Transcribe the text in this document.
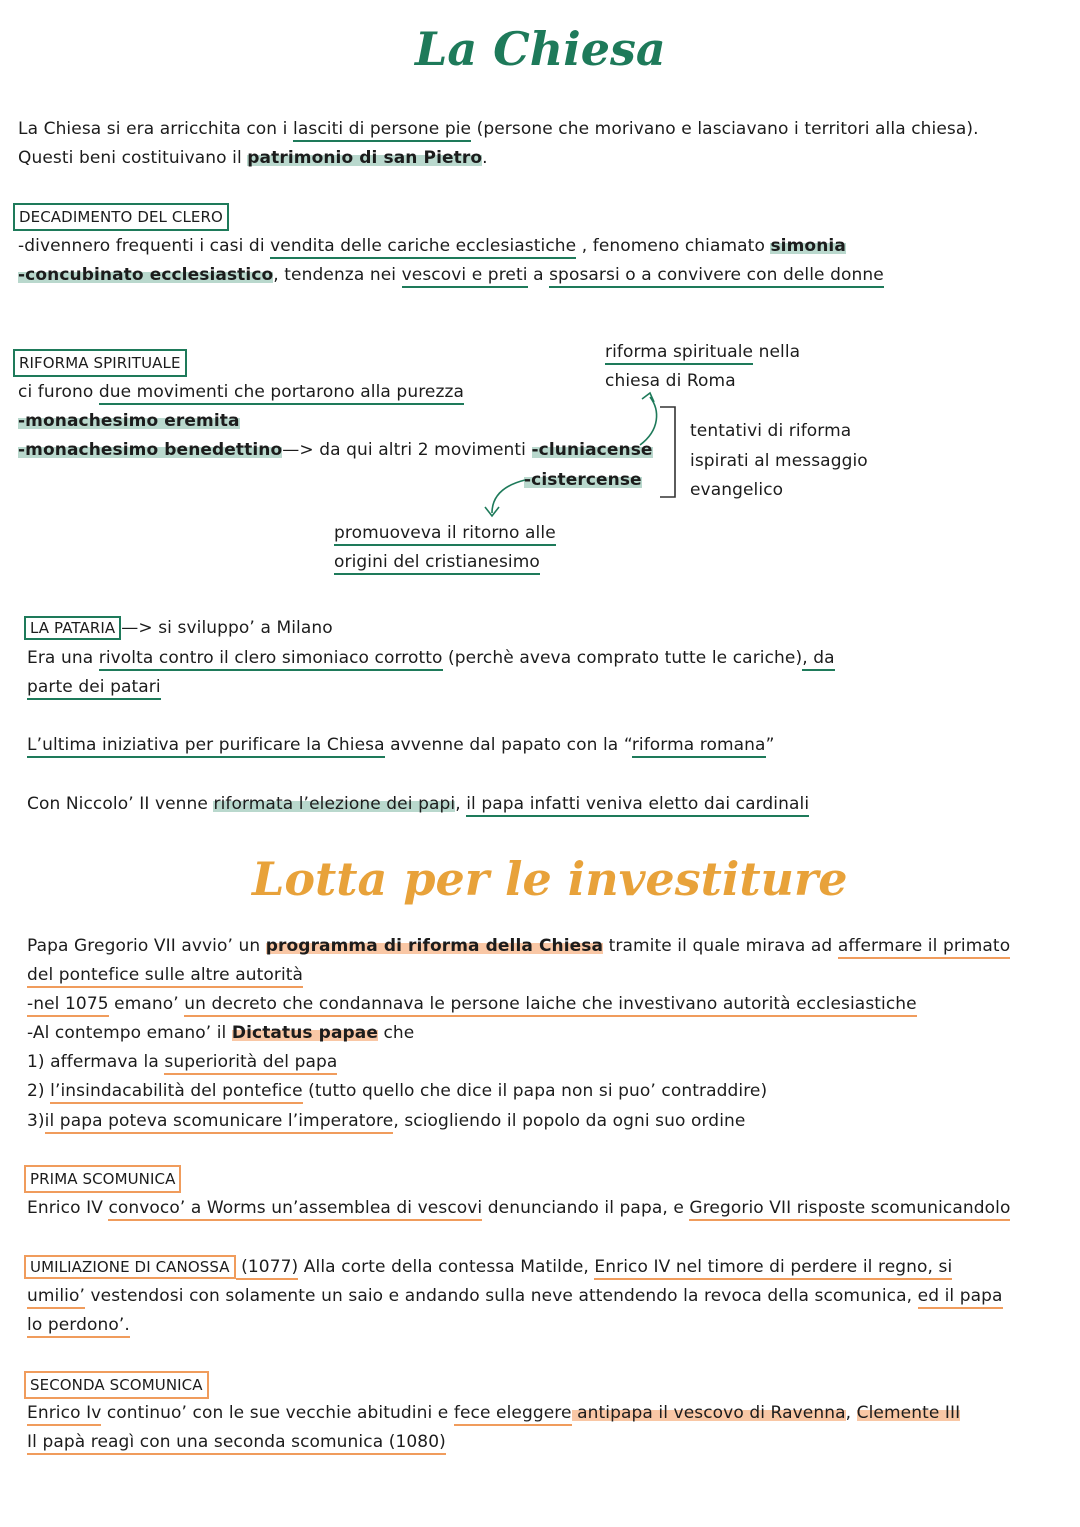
La Chiesa
La Chiesa si era arricchita con i lasciti di persone pie (persone che morivano e lasciavano i territori alla chiesa).
Questi beni costituivano il patrimonio di san Pietro.
DECADIMENTO DEL CLERO
-divennero frequenti i casi di vendita delle cariche ecclesiastiche , fenomeno chiamato simonia
-concubinato ecclesiastico, tendenza nei vescovi e preti a sposarsi o a convivere con delle donne
RIFORMA SPIRITUALE
ci furono due movimenti che portarono alla purezza
-monachesimo eremita
-monachesimo benedettino—> da qui altri 2 movimenti -cluniacense
-cistercense
riforma spirituale nella
chiesa di Roma
tentativi di riforma
ispirati al messaggio
evangelico
promuoveva il ritorno alle
origini del cristianesimo
LA PATARIA —> si sviluppo’ a Milano
Era una rivolta contro il clero simoniaco corrotto (perchè aveva comprato tutte le cariche), da
parte dei patari
L’ultima iniziativa per purificare la Chiesa avvenne dal papato con la “riforma romana”
Con Niccolo’ II venne riformata l’elezione dei papi, il papa infatti veniva eletto dai cardinali
Lotta per le investiture
Papa Gregorio VII avvio’ un programma di riforma della Chiesa tramite il quale mirava ad affermare il primato
del pontefice sulle altre autorità
-nel 1075 emano’ un decreto che condannava le persone laiche che investivano autorità ecclesiastiche
-Al contempo emano’ il Dictatus papae che
1) affermava la superiorità del papa
2) l’insindacabilità del pontefice (tutto quello che dice il papa non si puo’ contraddire)
3)il papa poteva scomunicare l’imperatore, sciogliendo il popolo da ogni suo ordine
PRIMA SCOMUNICA
Enrico IV convoco’ a Worms un’assemblea di vescovi denunciando il papa, e Gregorio VII risposte scomunicandolo
UMILIAZIONE DI CANOSSA (1077) Alla corte della contessa Matilde, Enrico IV nel timore di perdere il regno, si
umilio’ vestendosi con solamente un saio e andando sulla neve attendendo la revoca della scomunica, ed il papa
lo perdono’.
SECONDA SCOMUNICA
Enrico Iv continuo’ con le sue vecchie abitudini e fece eleggere antipapa il vescovo di Ravenna, Clemente III
Il papà reagì con una seconda scomunica (1080)
